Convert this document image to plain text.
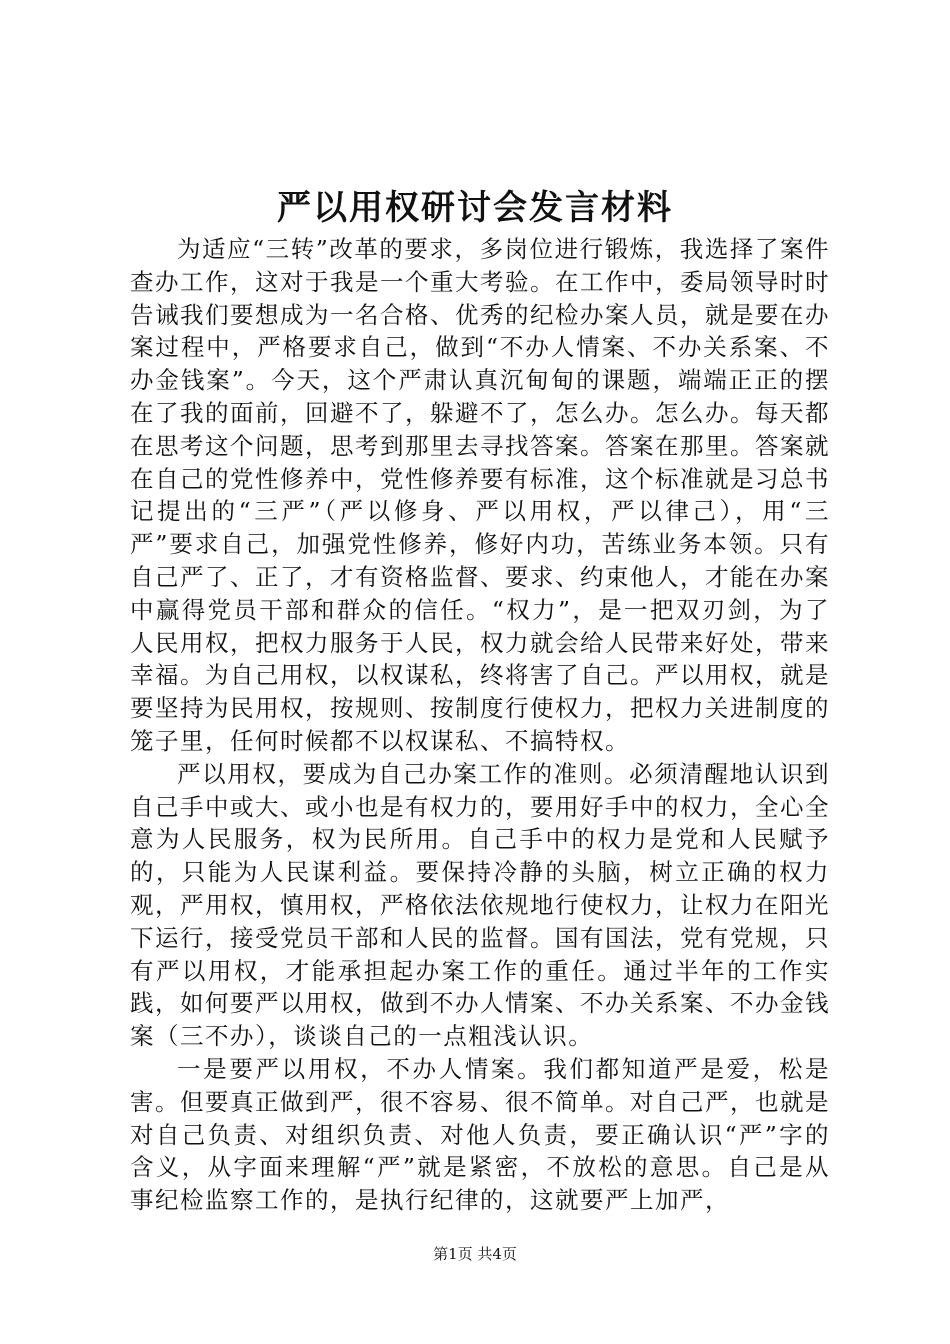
严以用权研讨会发言材料

为适应“三转”改革的要求，多岗位进行锻炼，我选择了案件查办工作，这对于我是一个重大考验。在工作中，委局领导时时告诫我们要想成为一名合格、优秀的纪检办案人员，就是要在办案过程中，严格要求自己，做到“不办人情案、不办关系案、不办金钱案”。今天，这个严肃认真沉甸甸的课题，端端正正的摆在了我的面前，回避不了，躲避不了，怎么办。怎么办。每天都在思考这个问题，思考到那里去寻找答案。答案在那里。答案就在自己的党性修养中，党性修养要有标准，这个标准就是习总书记提出的“三严”（严以修身、严以用权，严以律己），用“三严”要求自己，加强党性修养，修好内功，苦练业务本领。只有自己严了、正了，才有资格监督、要求、约束他人，才能在办案中赢得党员干部和群众的信任。“权力”，是一把双刃剑，为了人民用权，把权力服务于人民，权力就会给人民带来好处，带来幸福。为自己用权，以权谋私，终将害了自己。严以用权，就是要坚持为民用权，按规则、按制度行使权力，把权力关进制度的笼子里，任何时候都不以权谋私、不搞特权。

严以用权，要成为自己办案工作的准则。必须清醒地认识到自己手中或大、或小也是有权力的，要用好手中的权力，全心全意为人民服务，权为民所用。自己手中的权力是党和人民赋予的，只能为人民谋利益。要保持冷静的头脑，树立正确的权力观，严用权，慎用权，严格依法依规地行使权力，让权力在阳光下运行，接受党员干部和人民的监督。国有国法，党有党规，只有严以用权，才能承担起办案工作的重任。通过半年的工作实践，如何要严以用权，做到不办人情案、不办关系案、不办金钱案（三不办），谈谈自己的一点粗浅认识。

一是要严以用权，不办人情案。我们都知道严是爱，松是害。但要真正做到严，很不容易、很不简单。对自己严，也就是对自己负责、对组织负责、对他人负责，要正确认识“严”字的含义，从字面来理解“严”就是紧密，不放松的意思。自己是从事纪检监察工作的，是执行纪律的，这就要严上加严，

第1页 共4页
